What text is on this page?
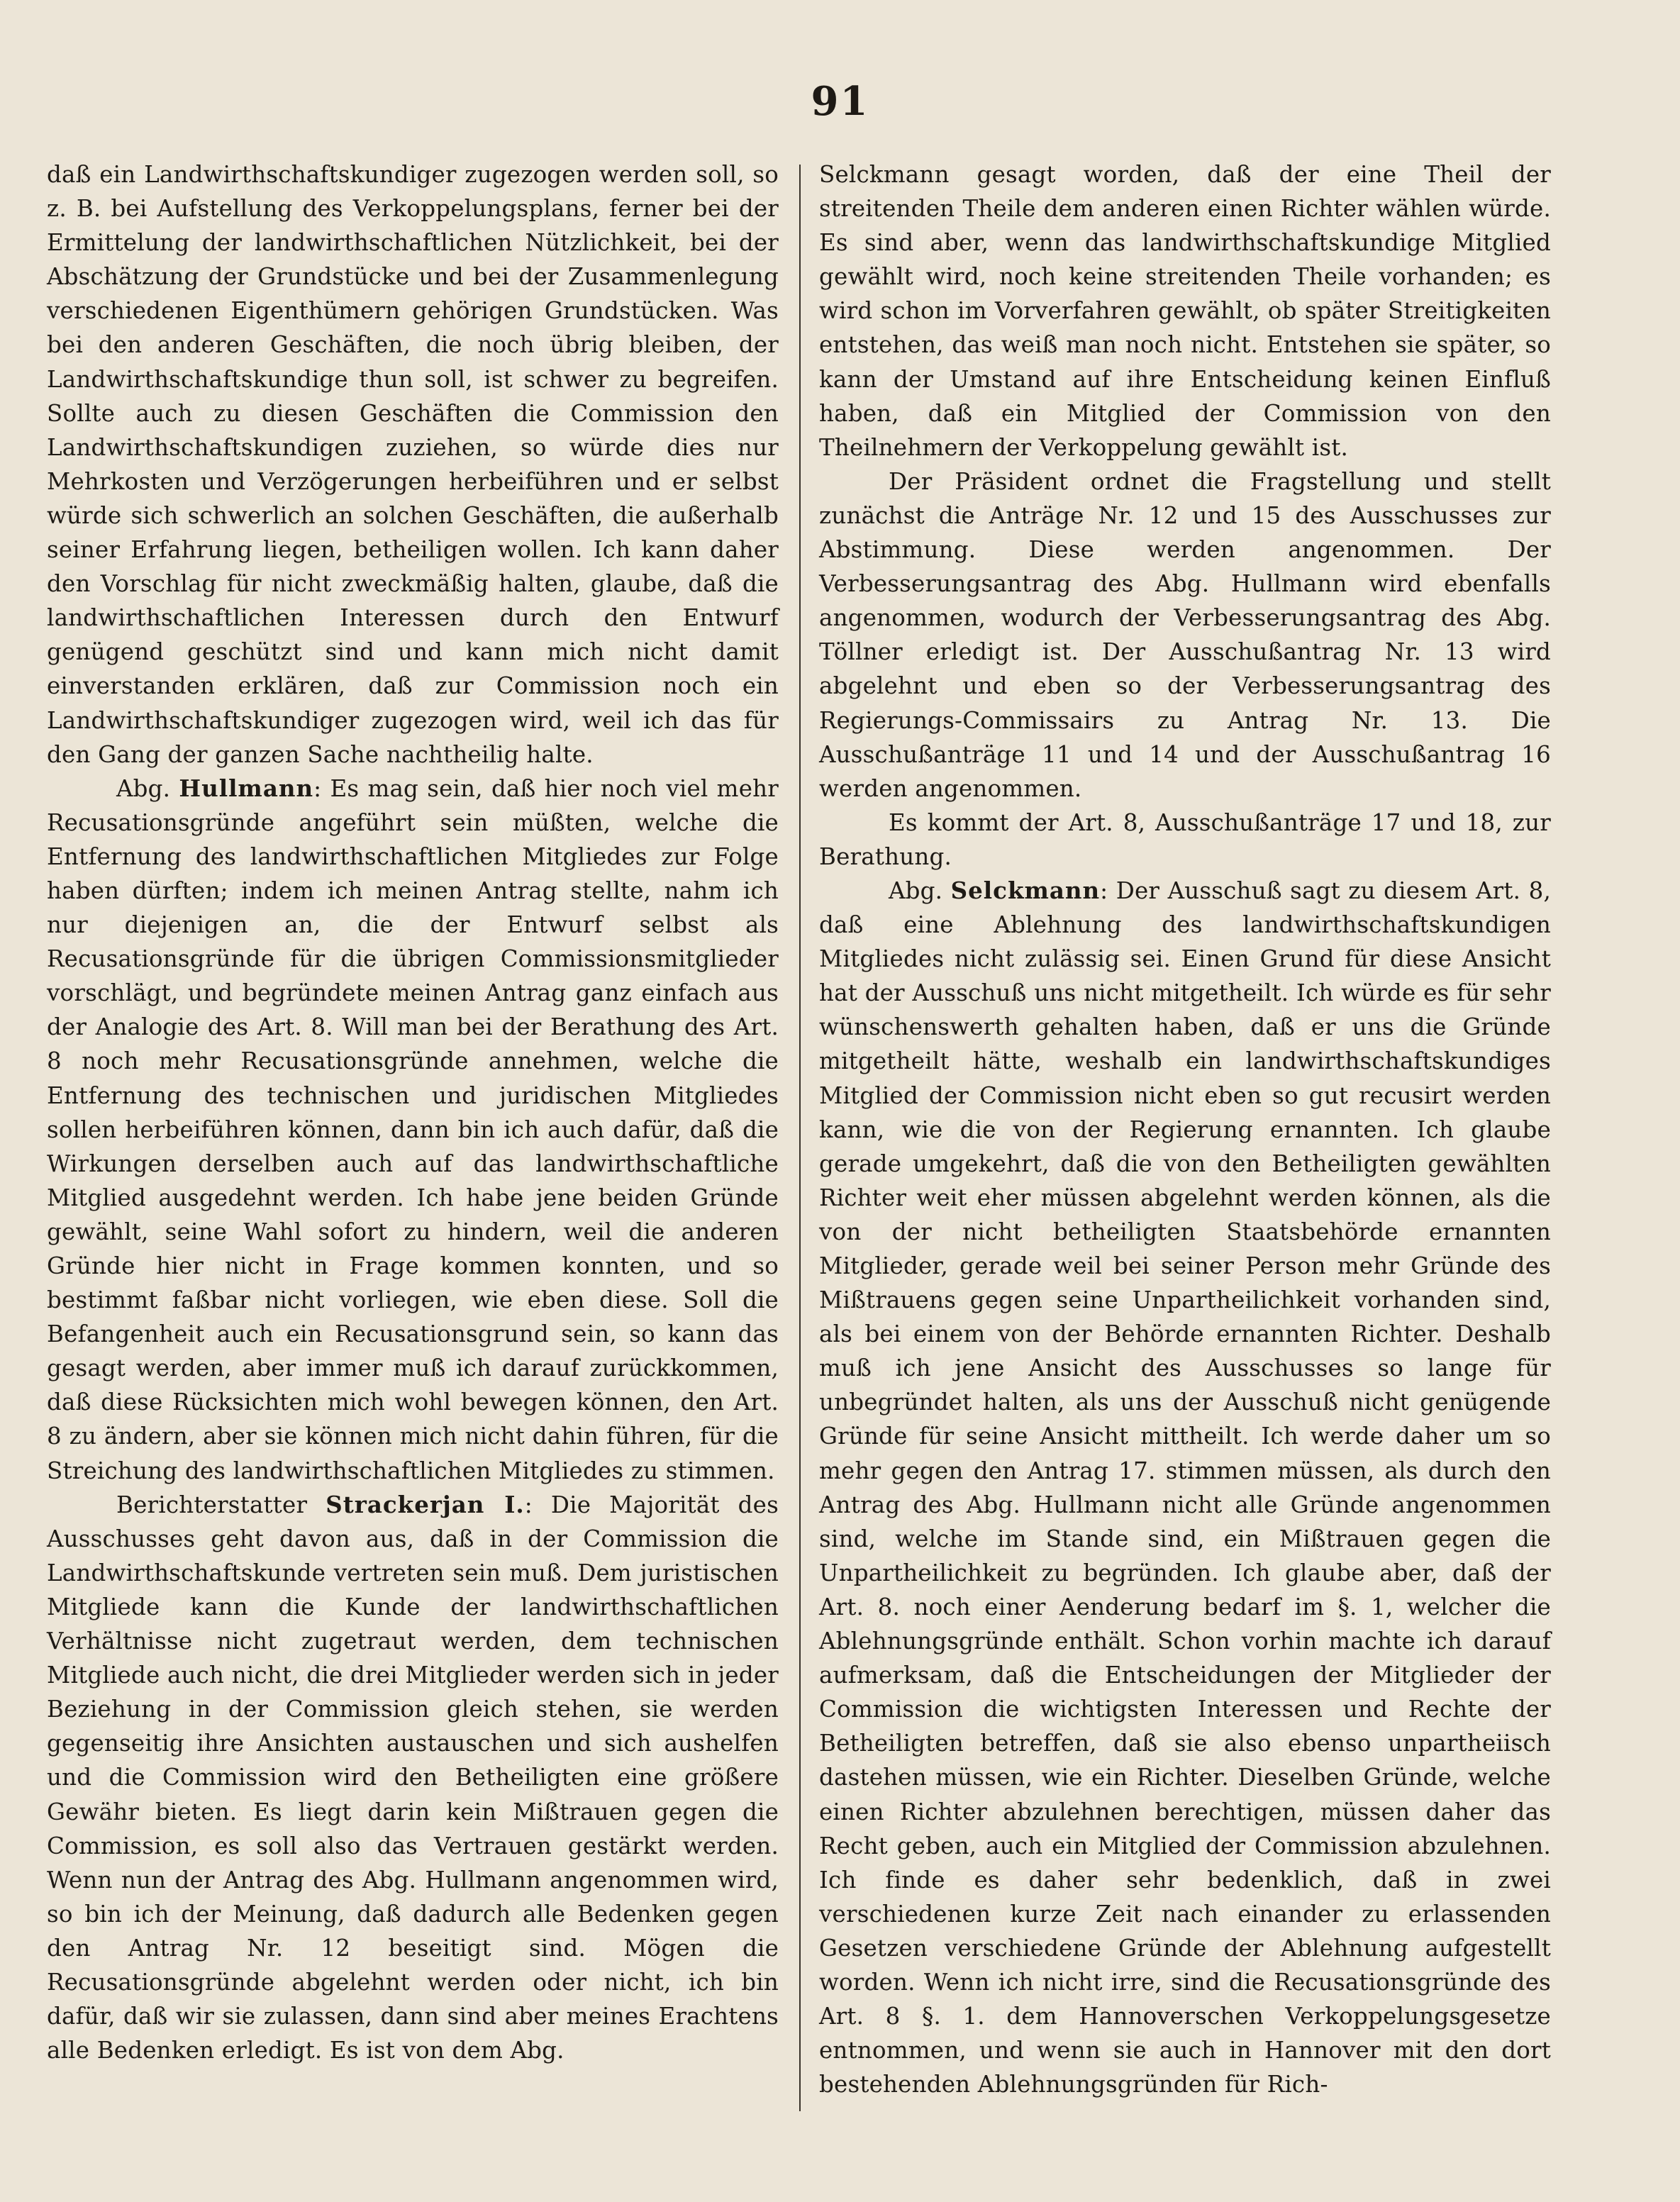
91

daß ein Landwirthschaftskundiger zugezogen werden soll, so z. B. bei Aufstellung des Verkoppelungsplans, ferner bei der Ermittelung der landwirthschaftlichen Nützlichkeit, bei der Abschätzung der Grundstücke und bei der Zusammenlegung verschiedenen Eigenthümern gehörigen Grundstücken. Was bei den anderen Geschäften, die noch übrig bleiben, der Landwirthschaftskundige thun soll, ist schwer zu begreifen. Sollte auch zu diesen Geschäften die Commission den Landwirthschaftskundigen zuziehen, so würde dies nur Mehrkosten und Verzögerungen herbeiführen und er selbst würde sich schwerlich an solchen Geschäften, die außerhalb seiner Erfahrung liegen, betheiligen wollen. Ich kann daher den Vorschlag für nicht zweckmäßig halten, glaube, daß die landwirthschaftlichen Interessen durch den Entwurf genügend geschützt sind und kann mich nicht damit einverstanden erklären, daß zur Commission noch ein Landwirthschaftskundiger zugezogen wird, weil ich das für den Gang der ganzen Sache nachtheilig halte.

Abg. Hullmann: Es mag sein, daß hier noch viel mehr Recusationsgründe angeführt sein müßten, welche die Entfernung des landwirthschaftlichen Mitgliedes zur Folge haben dürften; indem ich meinen Antrag stellte, nahm ich nur diejenigen an, die der Entwurf selbst als Recusationsgründe für die übrigen Commissionsmitglieder vorschlägt, und begründete meinen Antrag ganz einfach aus der Analogie des Art. 8. Will man bei der Berathung des Art. 8 noch mehr Recusationsgründe annehmen, welche die Entfernung des technischen und juridischen Mitgliedes sollen herbeiführen können, dann bin ich auch dafür, daß die Wirkungen derselben auch auf das landwirthschaftliche Mitglied ausgedehnt werden. Ich habe jene beiden Gründe gewählt, seine Wahl sofort zu hindern, weil die anderen Gründe hier nicht in Frage kommen konnten, und so bestimmt faßbar nicht vorliegen, wie eben diese. Soll die Befangenheit auch ein Recusationsgrund sein, so kann das gesagt werden, aber immer muß ich darauf zurückkommen, daß diese Rücksichten mich wohl bewegen können, den Art. 8 zu ändern, aber sie können mich nicht dahin führen, für die Streichung des landwirthschaftlichen Mitgliedes zu stimmen.

Berichterstatter Strackerjan I.: Die Majorität des Ausschusses geht davon aus, daß in der Commission die Landwirthschaftskunde vertreten sein muß. Dem juristischen Mitgliede kann die Kunde der landwirthschaftlichen Verhältnisse nicht zugetraut werden, dem technischen Mitgliede auch nicht, die drei Mitglieder werden sich in jeder Beziehung in der Commission gleich stehen, sie werden gegenseitig ihre Ansichten austauschen und sich aushelfen und die Commission wird den Betheiligten eine größere Gewähr bieten. Es liegt darin kein Mißtrauen gegen die Commission, es soll also das Vertrauen gestärkt werden. Wenn nun der Antrag des Abg. Hullmann angenommen wird, so bin ich der Meinung, daß dadurch alle Bedenken gegen den Antrag Nr. 12 beseitigt sind. Mögen die Recusationsgründe abgelehnt werden oder nicht, ich bin dafür, daß wir sie zulassen, dann sind aber meines Erachtens alle Bedenken erledigt. Es ist von dem Abg.

Selckmann gesagt worden, daß der eine Theil der streitenden Theile dem anderen einen Richter wählen würde. Es sind aber, wenn das landwirthschaftskundige Mitglied gewählt wird, noch keine streitenden Theile vorhanden; es wird schon im Vorverfahren gewählt, ob später Streitigkeiten entstehen, das weiß man noch nicht. Entstehen sie später, so kann der Umstand auf ihre Entscheidung keinen Einfluß haben, daß ein Mitglied der Commission von den Theilnehmern der Verkoppelung gewählt ist.

Der Präsident ordnet die Fragstellung und stellt zunächst die Anträge Nr. 12 und 15 des Ausschusses zur Abstimmung. Diese werden angenommen. Der Verbesserungsantrag des Abg. Hullmann wird ebenfalls angenommen, wodurch der Verbesserungsantrag des Abg. Töllner erledigt ist. Der Ausschußantrag Nr. 13 wird abgelehnt und eben so der Verbesserungsantrag des Regierungs-Commissairs zu Antrag Nr. 13. Die Ausschußanträge 11 und 14 und der Ausschußantrag 16 werden angenommen.

Es kommt der Art. 8, Ausschußanträge 17 und 18, zur Berathung.

Abg. Selckmann: Der Ausschuß sagt zu diesem Art. 8, daß eine Ablehnung des landwirthschaftskundigen Mitgliedes nicht zulässig sei. Einen Grund für diese Ansicht hat der Ausschuß uns nicht mitgetheilt. Ich würde es für sehr wünschenswerth gehalten haben, daß er uns die Gründe mitgetheilt hätte, weshalb ein landwirthschaftskundiges Mitglied der Commission nicht eben so gut recusirt werden kann, wie die von der Regierung ernannten. Ich glaube gerade umgekehrt, daß die von den Betheiligten gewählten Richter weit eher müssen abgelehnt werden können, als die von der nicht betheiligten Staatsbehörde ernannten Mitglieder, gerade weil bei seiner Person mehr Gründe des Mißtrauens gegen seine Unpartheilichkeit vorhanden sind, als bei einem von der Behörde ernannten Richter. Deshalb muß ich jene Ansicht des Ausschusses so lange für unbegründet halten, als uns der Ausschuß nicht genügende Gründe für seine Ansicht mittheilt. Ich werde daher um so mehr gegen den Antrag 17. stimmen müssen, als durch den Antrag des Abg. Hullmann nicht alle Gründe angenommen sind, welche im Stande sind, ein Mißtrauen gegen die Unpartheilichkeit zu begründen. Ich glaube aber, daß der Art. 8. noch einer Aenderung bedarf im §. 1, welcher die Ablehnungsgründe enthält. Schon vorhin machte ich darauf aufmerksam, daß die Entscheidungen der Mitglieder der Commission die wichtigsten Interessen und Rechte der Betheiligten betreffen, daß sie also ebenso unpartheiisch dastehen müssen, wie ein Richter. Dieselben Gründe, welche einen Richter abzulehnen berechtigen, müssen daher das Recht geben, auch ein Mitglied der Commission abzulehnen. Ich finde es daher sehr bedenklich, daß in zwei verschiedenen kurze Zeit nach einander zu erlassenden Gesetzen verschiedene Gründe der Ablehnung aufgestellt worden. Wenn ich nicht irre, sind die Recusationsgründe des Art. 8 §. 1. dem Hannoverschen Verkoppelungsgesetze entnommen, und wenn sie auch in Hannover mit den dort bestehenden Ablehnungsgründen für Rich-
